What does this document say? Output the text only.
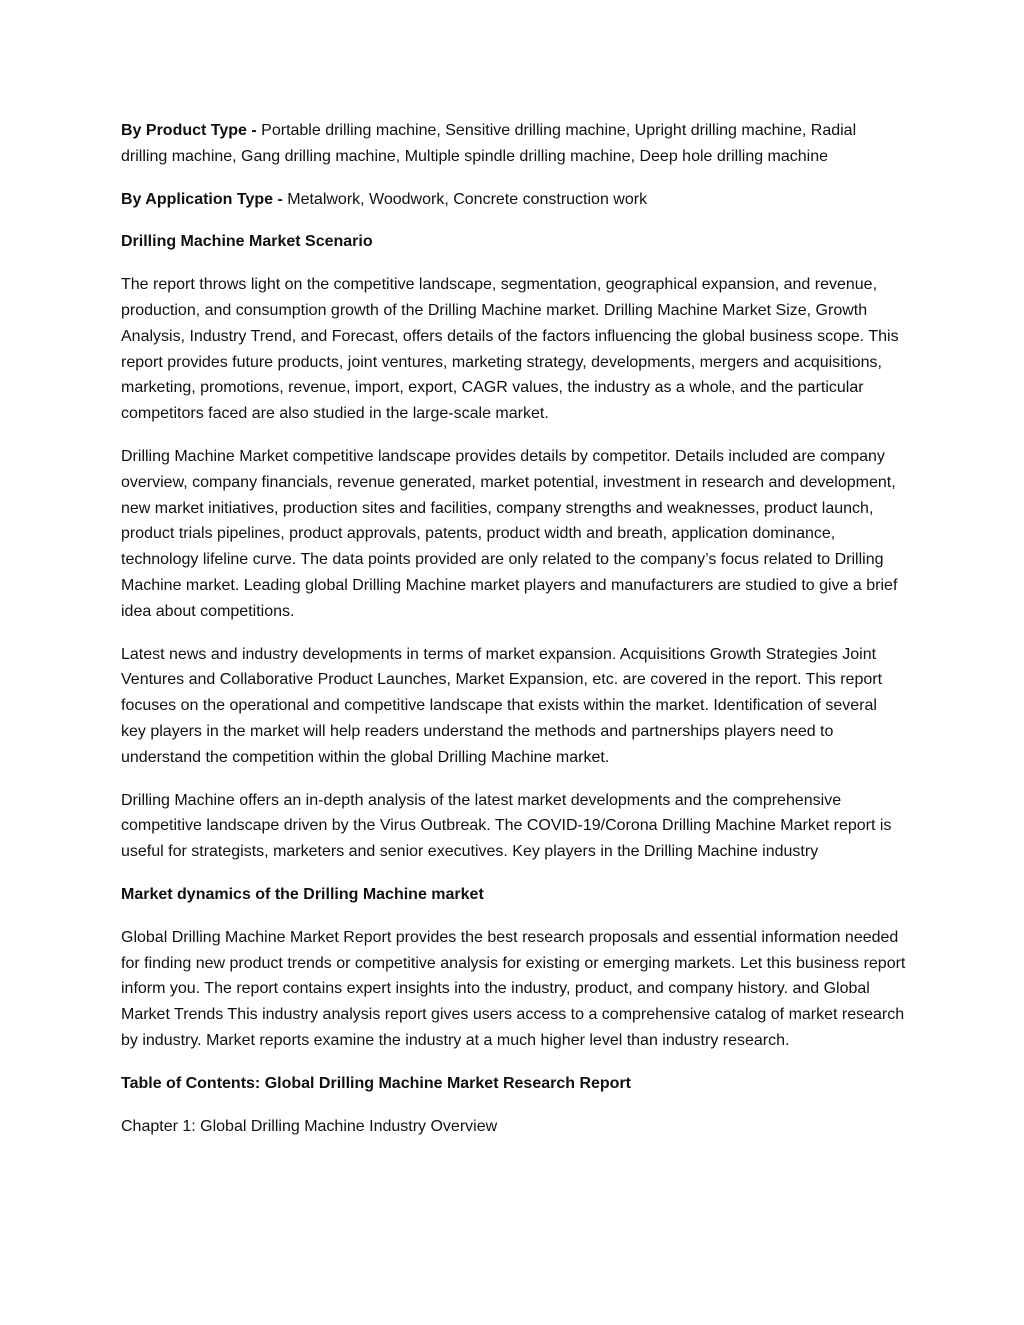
By Product Type - Portable drilling machine, Sensitive drilling machine, Upright drilling machine, Radial drilling machine, Gang drilling machine, Multiple spindle drilling machine, Deep hole drilling machine

By Application Type - Metalwork, Woodwork, Concrete construction work

Drilling Machine Market Scenario

The report throws light on the competitive landscape, segmentation, geographical expansion, and revenue, production, and consumption growth of the Drilling Machine market. Drilling Machine Market Size, Growth Analysis, Industry Trend, and Forecast, offers details of the factors influencing the global business scope. This report provides future products, joint ventures, marketing strategy, developments, mergers and acquisitions, marketing, promotions, revenue, import, export, CAGR values, the industry as a whole, and the particular competitors faced are also studied in the large-scale market.

Drilling Machine Market competitive landscape provides details by competitor. Details included are company overview, company financials, revenue generated, market potential, investment in research and development, new market initiatives, production sites and facilities, company strengths and weaknesses, product launch, product trials pipelines, product approvals, patents, product width and breath, application dominance, technology lifeline curve. The data points provided are only related to the company’s focus related to Drilling Machine market. Leading global Drilling Machine market players and manufacturers are studied to give a brief idea about competitions.

Latest news and industry developments in terms of market expansion. Acquisitions Growth Strategies Joint Ventures and Collaborative Product Launches, Market Expansion, etc. are covered in the report. This report focuses on the operational and competitive landscape that exists within the market. Identification of several key players in the market will help readers understand the methods and partnerships players need to understand the competition within the global Drilling Machine market.

Drilling Machine offers an in-depth analysis of the latest market developments and the comprehensive competitive landscape driven by the Virus Outbreak. The COVID-19/Corona Drilling Machine Market report is useful for strategists, marketers and senior executives. Key players in the Drilling Machine industry

Market dynamics of the Drilling Machine market

Global Drilling Machine Market Report provides the best research proposals and essential information needed for finding new product trends or competitive analysis for existing or emerging markets. Let this business report inform you. The report contains expert insights into the industry, product, and company history. and Global Market Trends This industry analysis report gives users access to a comprehensive catalog of market research by industry. Market reports examine the industry at a much higher level than industry research.

Table of Contents: Global Drilling Machine Market Research Report

Chapter 1: Global Drilling Machine Industry Overview
